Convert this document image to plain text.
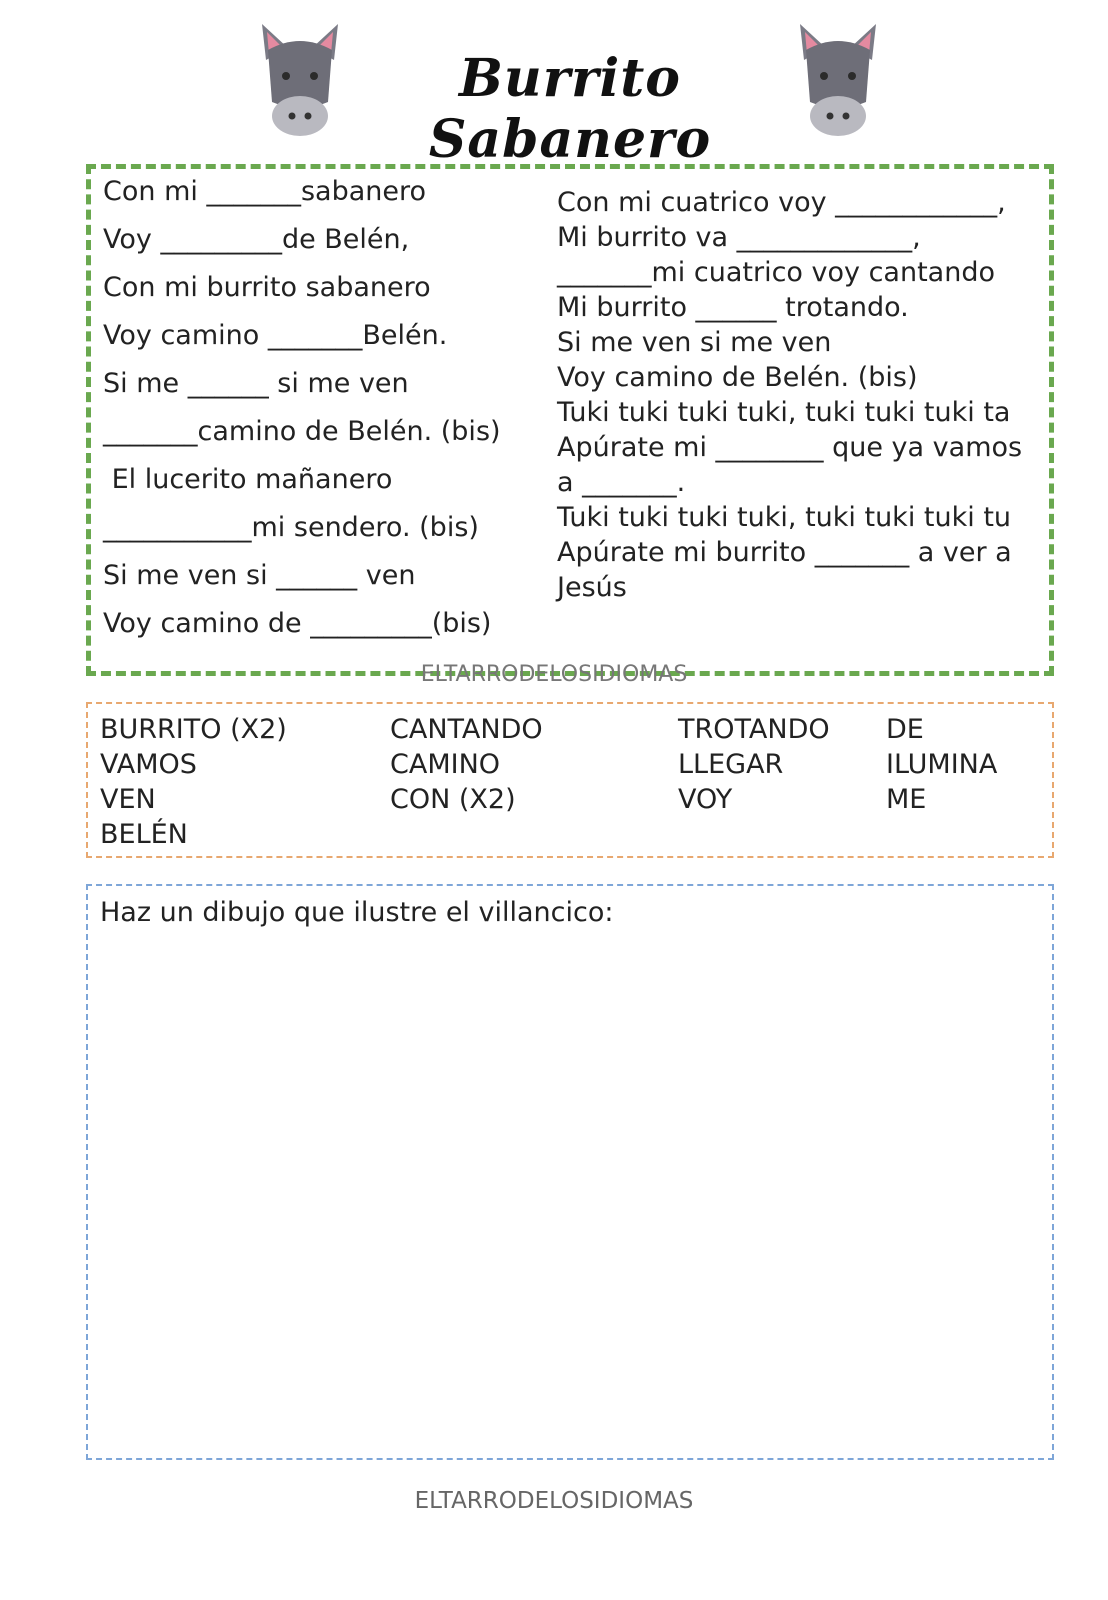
Burrito Sabanero
Con mi _______sabanero
Voy _________de Belén,
Con mi burrito sabanero
Voy camino _______Belén.
Si me ______ si me ven
_______camino de Belén. (bis)
El lucerito mañanero
___________mi sendero. (bis)
Si me ven si ______ ven
Voy camino de _________(bis)
Con mi cuatrico voy ____________,
Mi burrito va _____________,
_______mi cuatrico voy cantando
Mi burrito ______ trotando.
Si me ven si me ven
Voy camino de Belén. (bis)
Tuki tuki tuki tuki, tuki tuki tuki ta
Apúrate mi ________ que ya vamos
a _______.
Tuki tuki tuki tuki, tuki tuki tuki tu
Apúrate mi burrito _______ a ver a
Jesús
ELTARRODELOSIDIOMAS
BURRITO (X2)
VAMOS
VEN
BELÉN
CANTANDO
CAMINO
CON (X2)
TROTANDO
LLEGAR
VOY
DE
ILUMINA
ME
Haz un dibujo que ilustre el villancico:
ELTARRODELOSIDIOMAS
